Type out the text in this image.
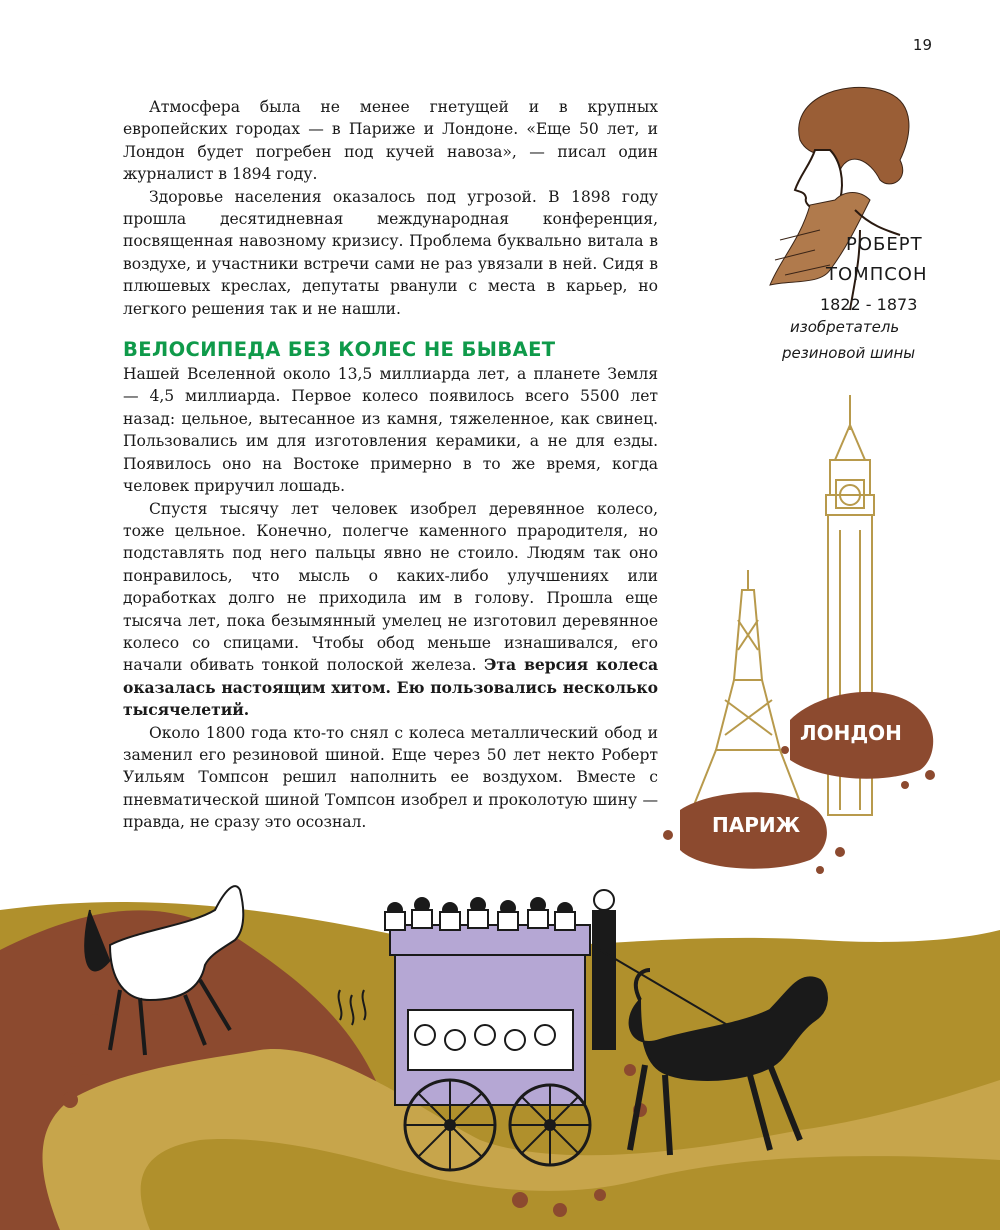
19

Атмосфера была не менее гнетущей и в крупных европейских городах — в Париже и Лондоне. «Еще 50 лет, и Лондон будет погребен под кучей навоза», — писал один журналист в 1894 году.

Здоровье населения оказалось под угрозой. В 1898 году прошла десятидневная международная конференция, посвященная навозному кризису. Проблема буквально витала в воздухе, и участники встречи сами не раз увязали в ней. Сидя в плюшевых креслах, депутаты рванули с места в карьер, но легкого решения так и не нашли.

ВЕЛОСИПЕДА БЕЗ КОЛЕС НЕ БЫВАЕТ

Нашей Вселенной около 13,5 миллиарда лет, а планете Земля — 4,5 миллиарда. Первое колесо появилось всего 5500 лет назад: цельное, вытесанное из камня, тяжеленное, как свинец. Пользовались им для изготовления керамики, а не для езды. Появилось оно на Востоке примерно в то же время, когда человек приручил лошадь.

Спустя тысячу лет человек изобрел деревянное колесо, тоже цельное. Конечно, полегче каменного прародителя, но подставлять под него пальцы явно не стоило. Людям так оно понравилось, что мысль о каких-либо улучшениях или доработках долго не приходила им в голову. Прошла еще тысяча лет, пока безымянный умелец не изготовил деревянное колесо со спицами. Чтобы обод меньше изнашивался, его начали обивать тонкой полоской железа. Эта версия колеса оказалась настоящим хитом. Ею пользовались несколько тысячелетий.

Около 1800 года кто-то снял с колеса металлический обод и заменил его резиновой шиной. Еще через 50 лет некто Роберт Уильям Томпсон решил наполнить ее воздухом. Вместе с пневматической шиной Томпсон изобрел и проколотую шину — правда, не сразу это осознал.

РОБЕРТ
ТОМПСОН
1822 - 1873
изобретатель
резиновой шины
ЛОНДОН
ПАРИЖ
